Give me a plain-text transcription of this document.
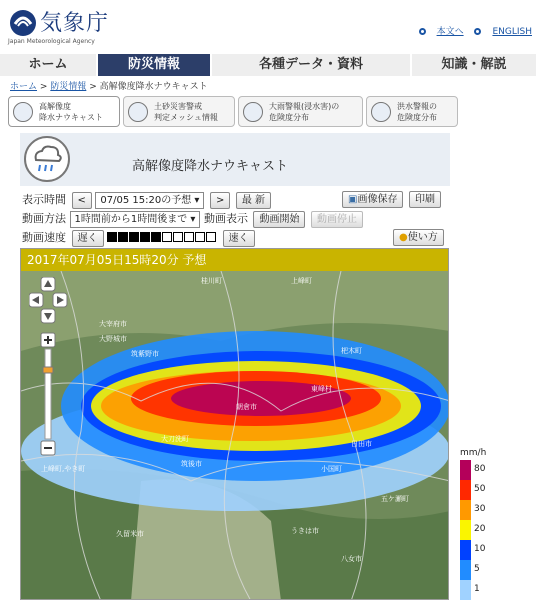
気象庁
Japan Meteorological Agency
本文へ	ENGLISH
ホーム	防災情報	各種データ・資料	知識・解説
ホーム > 防災情報 > 高解像度降水ナウキャスト
高解像度
降水ナウキャスト
土砂災害警戒
判定メッシュ情報
大雨警報(浸水害)の
危険度分布
洪水警報の
危険度分布
高解像度降水ナウキャスト
表示時間 < 07/05 15:20の予想 ▾ > 最 新	▣画像保存 印刷
動画方法 1時間前から1時間後まで ▾ 動画表示 動画開始 動画停止
動画速度 遅く	速く	●使い方
2017年07月05日15時20分 予想
桂川町	上峰町
大宰府市
大野城市
筑紫野市
朝倉市
東峰村
杷木町
日田市
小国町
五ケ瀬町
筑後市
大刀洗町
久留米市	うきは市
上峰町,やき町
八女市
mm/h
80
50
30
20
10
5
1
